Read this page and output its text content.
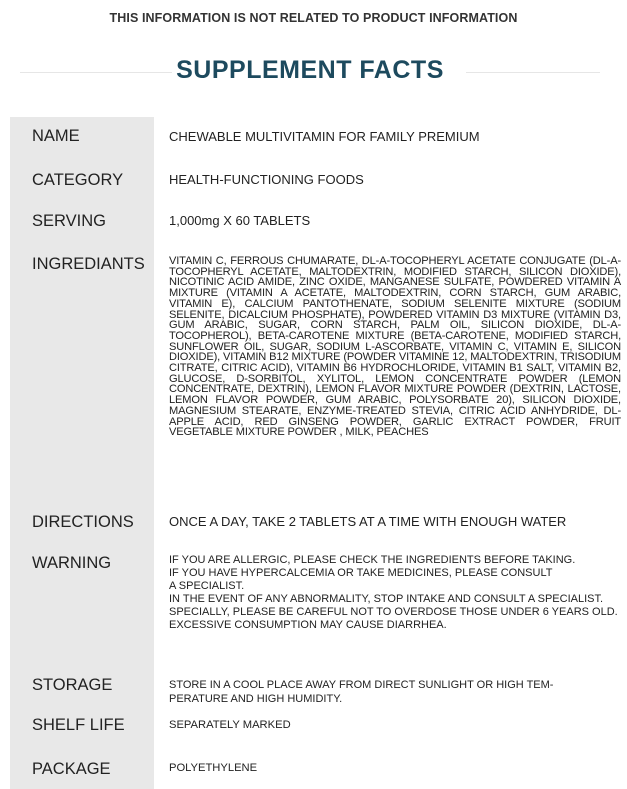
THIS INFORMATION IS NOT RELATED TO PRODUCT INFORMATION
SUPPLEMENT FACTS
NAME	CHEWABLE MULTIVITAMIN FOR FAMILY PREMIUM
CATEGORY	HEALTH-FUNCTIONING FOODS
SERVING	1,000mg X 60 TABLETS
INGREDIANTS VITAMIN C, FERROUS CHUMARATE, DL-A-TOCOPHERYL ACETATE CONJUGATE (DL-A-TOCOPHERYL ACETATE, MALTODEXTRIN, MODIFIED STARCH, SILICON DIOXIDE), NICOTINIC ACID AMIDE, ZINC OXIDE, MANGANESE SULFATE, POWDERED VITAMIN A MIXTURE (VITAMIN A ACETATE, MALTODEXTRIN, CORN STARCH, GUM ARABIC, VITAMIN E), CALCIUM PANTOTHENATE, SODIUM SELENITE MIXTURE (SODIUM SELENITE, DICALCIUM PHOSPHATE), POWDERED VITAMIN D3 MIXTURE (VITAMIN D3, GUM ARABIC, SUGAR, CORN STARCH, PALM OIL, SILICON DIOXIDE, DL-A-TOCOPHEROL), BETA-CAROTENE MIXTURE (BETA-CAROTENE, MODIFIED STARCH, SUNFLOWER OIL, SUGAR, SODIUM L-ASCORBATE, VITAMIN C, VITAMIN E, SILICON DIOXIDE), VITAMIN B12 MIXTURE (POWDER VITAMINE 12, MALTODEXTRIN, TRISODIUM CITRATE, CITRIC ACID), VITAMIN B6 HYDROCHLORIDE, VITAMIN B1 SALT, VITAMIN B2, GLUCOSE, D-SORBITOL, XYLITOL, LEMON CONCENTRATE POWDER (LEMON CONCENTRATE, DEXTRIN), LEMON FLAVOR MIXTURE POWDER (DEXTRIN, LACTOSE, LEMON FLAVOR POWDER, GUM ARABIC, POLYSORBATE 20), SILICON DIOXIDE, MAGNESIUM STEARATE, ENZYME-TREATED STEVIA, CITRIC ACID ANHYDRIDE, DL-APPLE ACID, RED GINSENG POWDER, GARLIC EXTRACT POWDER, FRUIT VEGETABLE MIXTURE POWDER , MILK, PEACHES
DIRECTIONS	ONCE A DAY, TAKE 2 TABLETS AT A TIME WITH ENOUGH WATER
WARNING	IF YOU ARE ALLERGIC, PLEASE CHECK THE INGREDIENTS BEFORE TAKING.
IF YOU HAVE HYPERCALCEMIA OR TAKE MEDICINES, PLEASE CONSULT
A SPECIALIST.
IN THE EVENT OF ANY ABNORMALITY, STOP INTAKE AND CONSULT A SPECIALIST.
SPECIALLY, PLEASE BE CAREFUL NOT TO OVERDOSE THOSE UNDER 6 YEARS OLD.
EXCESSIVE CONSUMPTION MAY CAUSE DIARRHEA.
STORAGE	STORE IN A COOL PLACE AWAY FROM DIRECT SUNLIGHT OR HIGH TEM-
PERATURE AND HIGH HUMIDITY.
SHELF LIFE	SEPARATELY MARKED
PACKAGE	POLYETHYLENE
